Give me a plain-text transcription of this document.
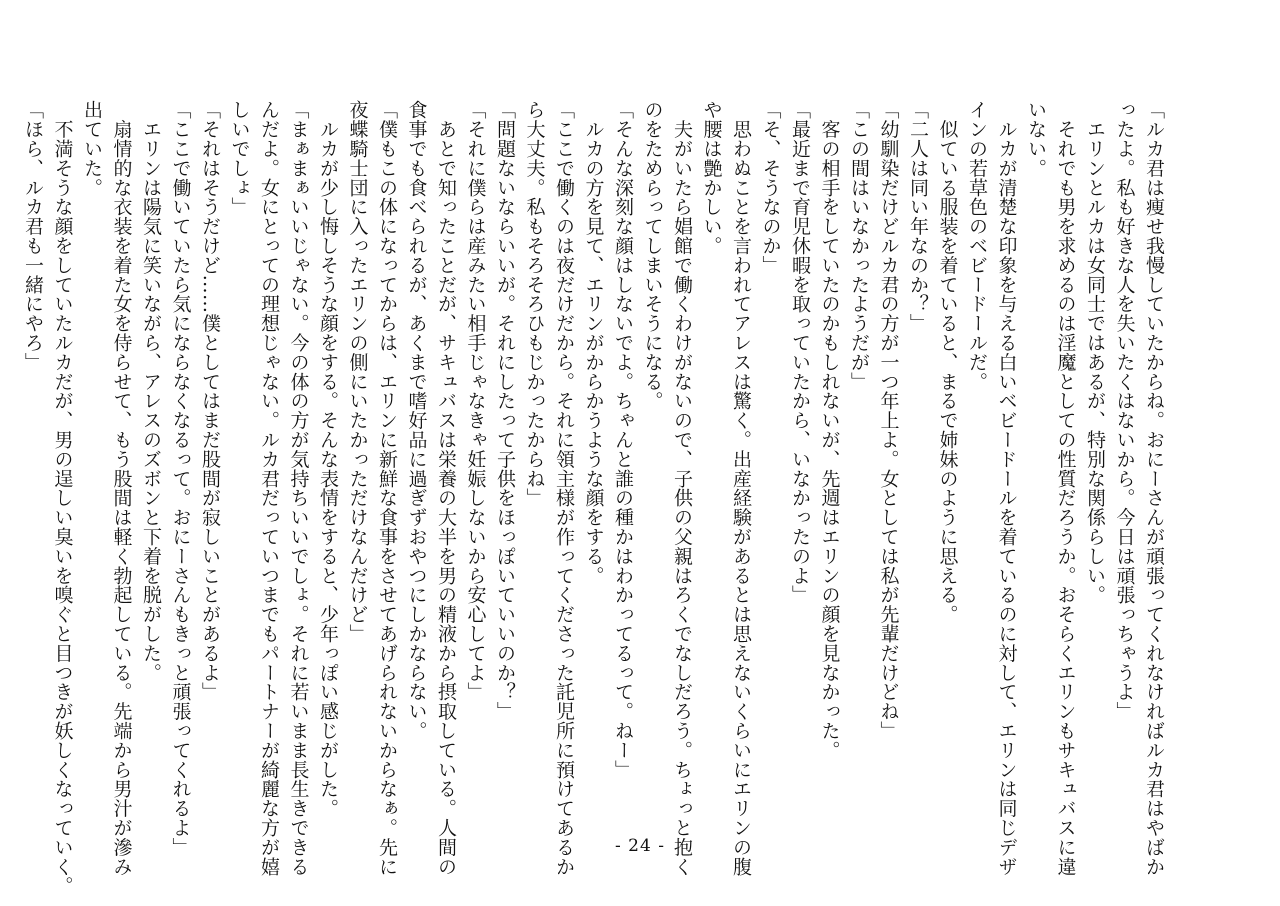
「ルカ君は痩せ我慢していたからね。おにーさんが頑張ってくれなければルカ君はやばか
ったよ。私も好きな人を失いたくはないから。今日は頑張っちゃうよ」
　エリンとルカは女同士ではあるが、特別な関係らしい。
　それでも男を求めるのは淫魔としての性質だろうか。おそらくエリンもサキュバスに違
いない。
　ルカが清楚な印象を与える白いベビードールを着ているのに対して、エリンは同じデザ
インの若草色のベビードールだ。
　似ている服装を着ていると、まるで姉妹のように思える。
「二人は同い年なのか？」
「幼馴染だけどルカ君の方が一つ年上よ。女としては私が先輩だけどね」
「この間はいなかったようだが」
　客の相手をしていたのかもしれないが、先週はエリンの顔を見なかった。
「最近まで育児休暇を取っていたから、いなかったのよ」
「そ、そうなのか」
　思わぬことを言われてアレスは驚く。出産経験があるとは思えないくらいにエリンの腹
や腰は艶かしい。
　夫がいたら娼館で働くわけがないので、子供の父親はろくでなしだろう。ちょっと抱く
のをためらってしまいそうになる。
「そんな深刻な顔はしないでよ。ちゃんと誰の種かはわかってるって。ねー」
　ルカの方を見て、エリンがからかうような顔をする。
「ここで働くのは夜だけだから。それに領主様が作ってくださった託児所に預けてあるか
ら大丈夫。私もそろそろひもじかったからね」
「問題ないならいいが。それにしたって子供をほっぽいていいのか？」
「それに僕らは産みたい相手じゃなきゃ妊娠しないから安心してよ」
　あとで知ったことだが、サキュバスは栄養の大半を男の精液から摂取している。人間の
食事でも食べられるが、あくまで嗜好品に過ぎずおやつにしかならない。
「僕もこの体になってからは、エリンに新鮮な食事をさせてあげられないからなぁ。先に
夜蝶騎士団に入ったエリンの側にいたかっただけなんだけど」
　ルカが少し悔しそうな顔をする。そんな表情をすると、少年っぽい感じがした。
「まぁまぁいいじゃない。今の体の方が気持ちいいでしょ。それに若いまま長生きできる
んだよ。女にとっての理想じゃない。ルカ君だっていつまでもパートナーが綺麗な方が嬉
しいでしょ」
「それはそうだけど……僕としてはまだ股間が寂しいことがあるよ」
「ここで働いていたら気にならなくなるって。おにーさんもきっと頑張ってくれるよ」
　エリンは陽気に笑いながら、アレスのズボンと下着を脱がした。
　扇情的な衣装を着た女を侍らせて、もう股間は軽く勃起している。先端から男汁が滲み
出ていた。
　不満そうな顔をしていたルカだが、男の逞しい臭いを嗅ぐと目つきが妖しくなっていく。
「ほら、ルカ君も一緒にやろ」
- 24 -
